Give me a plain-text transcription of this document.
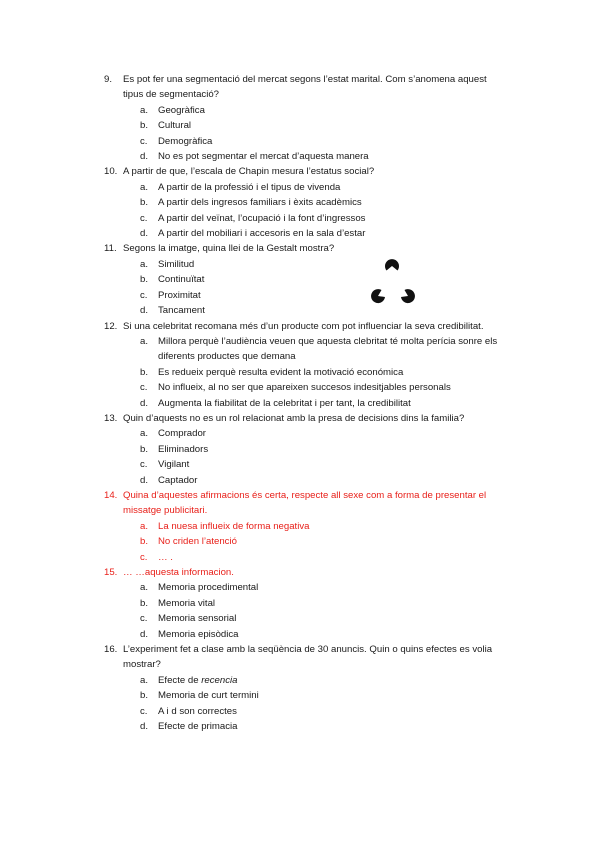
9.	Es pot fer una segmentació del mercat segons l’estat marital. Com s’anomena aquest tipus de segmentació?
a. Geogràfica
b. Cultural
c. Demogràfica
d. No es pot segmentar el mercat d’aquesta manera
10. A partir de que, l’escala de Chapin mesura l’estatus social?
a. A partir de la professió i el tipus de vivenda
b. A partir dels ingresos familiars i èxits acadèmics
c. A partir del veïnat, l’ocupació i la font d’ingressos
d. A partir del mobiliari i accesoris en la sala d’estar
11. Segons la imatge, quina llei de la Gestalt mostra?
a. Similitud
b. Continuïtat
c. Proximitat
d. Tancament
12. Si una celebritat recomana més d’un producte com pot influenciar la seva credibilitat.
a. Millora perquè l’audiència veuen que aquesta clebritat té molta perícia sonre els diferents productes que demana
b. Es redueix perquè resulta evident la motivació económica
c. No influeix, al no ser que apareixen succesos indesitjables personals
d. Augmenta la fiabilitat de la celebritat i per tant, la credibilitat
13. Quin d’aquests no es un rol relacionat amb la presa de decisions dins la familia?
a. Comprador
b. Eliminadors
c. Vigilant
d. Captador
14. Quina d’aquestes afirmacions és certa, respecte all sexe com a forma de presentar el missatge publicitari.
a. La nuesa influeix de forma negativa
b. No criden l’atenció
c. … .
15. … …aquesta informacion.
a. Memoria procedimental
b. Memoria vital
c. Memoria sensorial
d. Memoria episòdica
16. L’experiment fet a clase amb la seqüència de 30 anuncis. Quin o quins efectes es volia mostrar?
a. Efecte de recencia
b. Memoria de curt termini
c. A i d son correctes
d. Efecte de primacia
